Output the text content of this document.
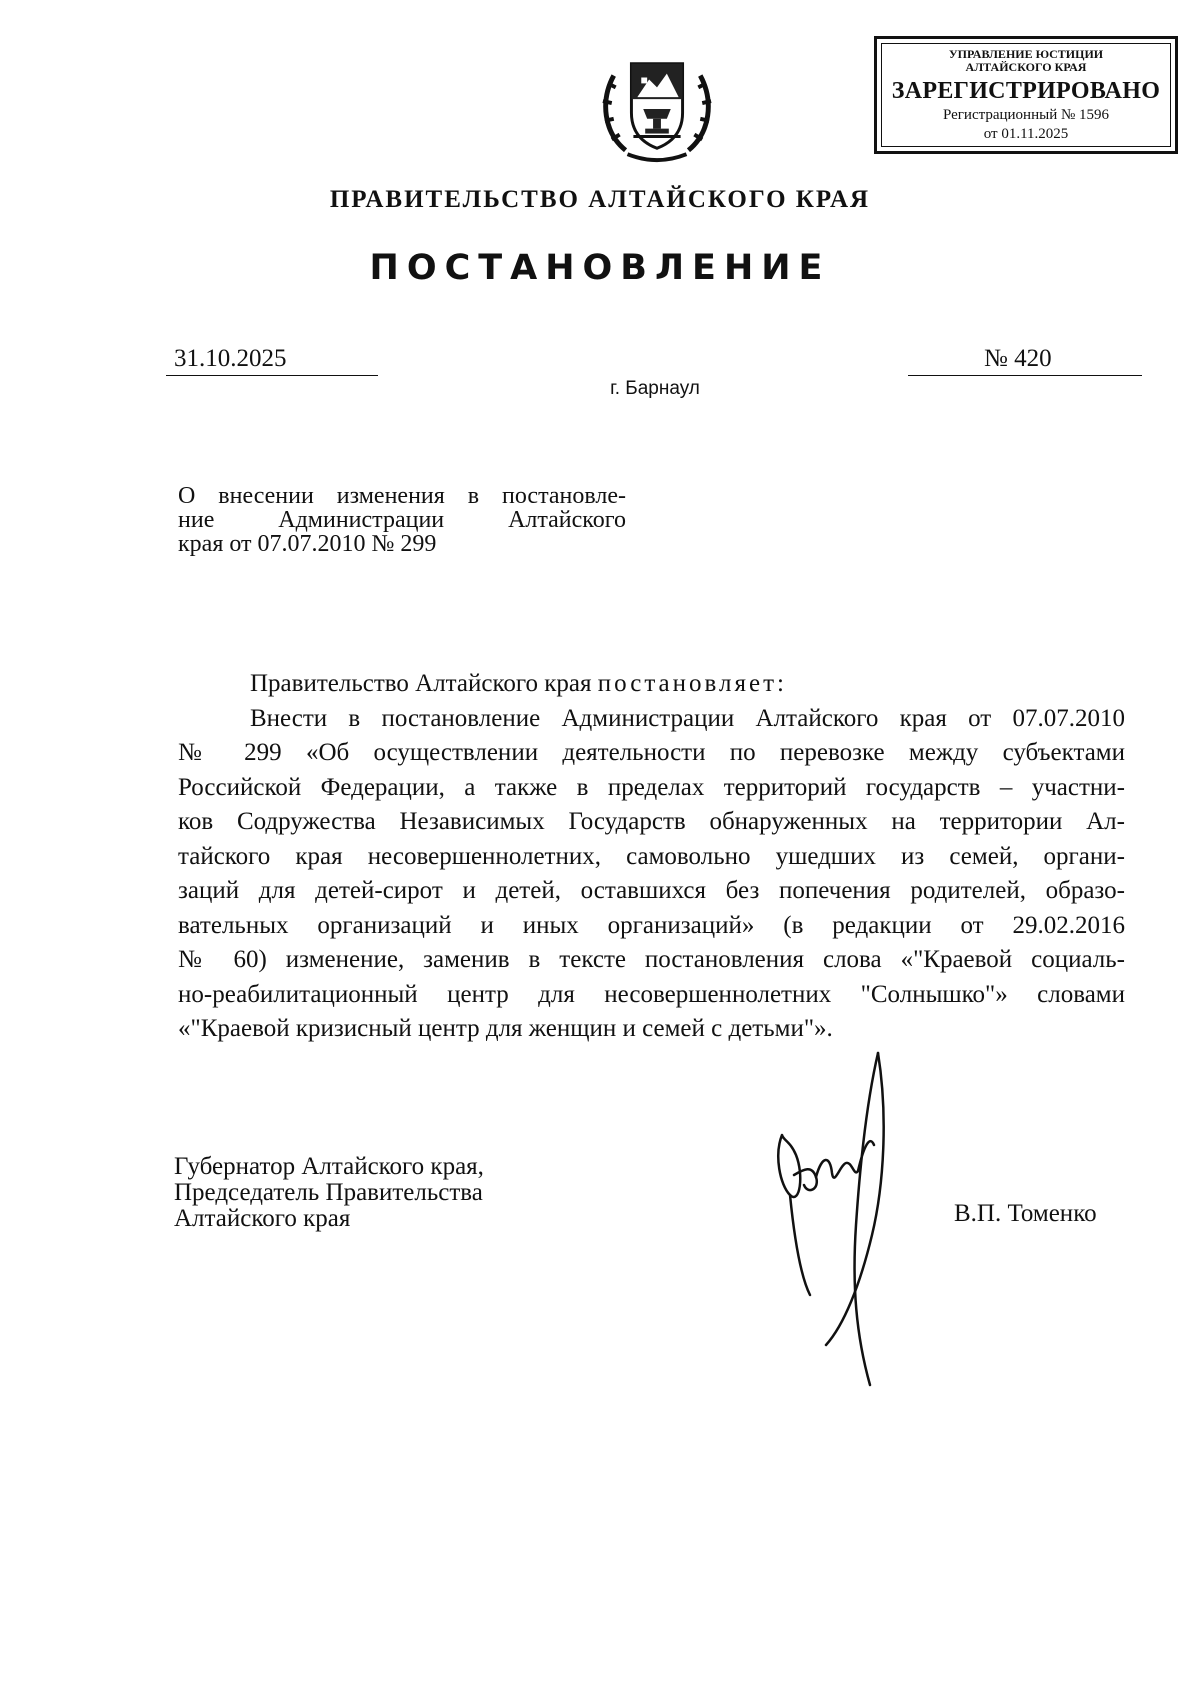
УПРАВЛЕНИЕ ЮСТИЦИИ
АЛТАЙСКОГО КРАЯ
ЗАРЕГИСТРИРОВАНО
Регистрационный № 1596
от 01.11.2025
ПРАВИТЕЛЬСТВО АЛТАЙСКОГО КРАЯ
ПОСТАНОВЛЕНИЕ
31.10.2025	№ 420
г. Барнаул
О внесении изменения в постановле-
ние Администрации Алтайского
края от 07.07.2010 № 299
Правительство Алтайского края постановляет:
Внести в постановление Администрации Алтайского края от 07.07.2010
№ 299 «Об осуществлении деятельности по перевозке между субъектами
Российской Федерации, а также в пределах территорий государств – участни-
ков Содружества Независимых Государств обнаруженных на территории Ал-
тайского края несовершеннолетних, самовольно ушедших из семей, органи-
заций для детей-сирот и детей, оставшихся без попечения родителей, образо-
вательных организаций и иных организаций» (в редакции от 29.02.2016
№ 60) изменение, заменив в тексте постановления слова «"Краевой социаль-
но-реабилитационный центр для несовершеннолетних "Солнышко"» словами
«"Краевой кризисный центр для женщин и семей с детьми"».
Губернатор Алтайского края,
Председатель Правительства
Алтайского края	В.П. Томенко
